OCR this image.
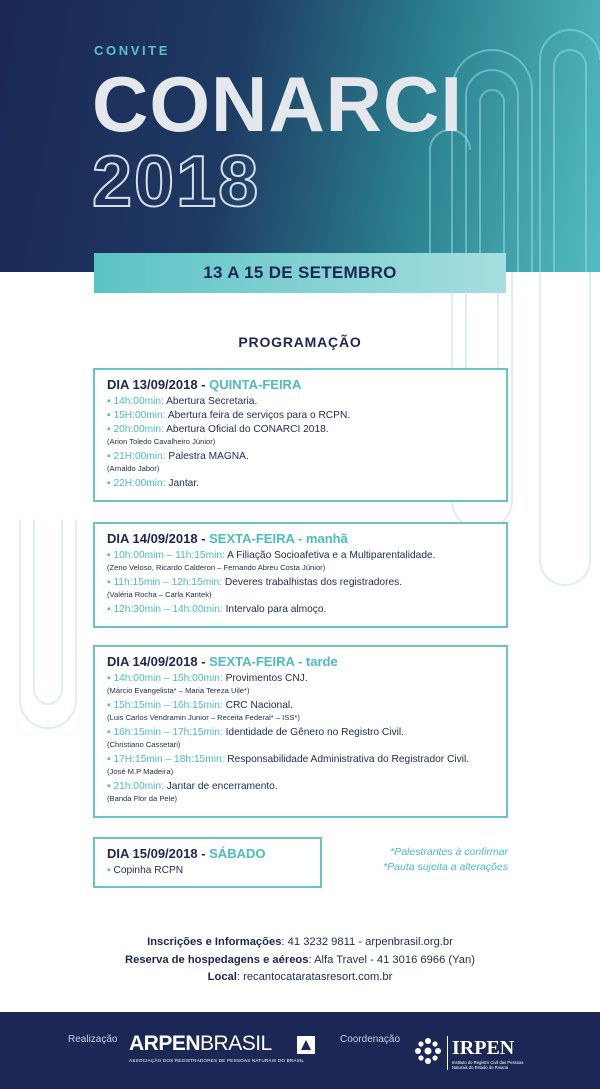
CONVITE
CONARCI
2018
13 A 15 DE SETEMBRO
PROGRAMAÇÃO
DIA 13/09/2018 - QUINTA-FEIRA
▪ 14h:00min: Abertura Secretaria.
▪ 15H:00min: Abertura feira de serviços para o RCPN.
▪ 20h:00min: Abertura Oficial do CONARCI 2018.
(Arion Toledo Cavalheiro Júnior)
▪ 21H:00min: Palestra MAGNA.
(Arnaldo Jabor)
▪ 22H:00min: Jantar.
DIA 14/09/2018 - SEXTA-FEIRA - manhã
▪ 10h:00mim – 11h:15min: A Filiação Socioafetiva e a Multiparentalidade.
(Zeno Veloso, Ricardo Calderon – Fernando Abreu Costa Júnior)
▪ 11h:15min – 12h:15min: Deveres trabalhistas dos registradores.
(Valéria Rocha – Carla Kantek)
▪ 12h:30min – 14h:00min: Intervalo para almoço.
DIA 14/09/2018 - SEXTA-FEIRA - tarde
▪ 14h:00min – 15h:00min: Provimentos CNJ.
(Márcio Evangelista* – Maria Tereza Uile*)
▪ 15h:15min – 16h:15min: CRC Nacional.
(Luis Carlos Vendramin Junior – Receita Federal* – ISS*)
▪ 16h:15min – 17h:15min: Identidade de Gênero no Registro Civil.
(Christiano Cassetari)
▪ 17H:15min – 18h:15min: Responsabilidade Administrativa do Registrador Civil.
(José M.P Madeira)
▪ 21h:00min: Jantar de encerramento.
(Banda Flor da Pele)
DIA 15/09/2018 - SÁBADO
▪ Copinha RCPN
*Palestrantes à confirmar
*Pauta sujeita a alterações
Inscrições e Informações: 41 3232 9811 - arpenbrasil.org.br
Reserva de hospedagens e aéreos: Alfa Travel - 41 3016 6966 (Yan)
Local: recantocataratasresort.com.br
Realização ARPENBRASIL
ASSOCIAÇÃO DOS REGISTRADORES DE PESSOAS NATURAIS DO BRASIL
Coordenação	IRPEN
Instituto do Registro Civil das Pessoas Naturais do Estado do Paraná
